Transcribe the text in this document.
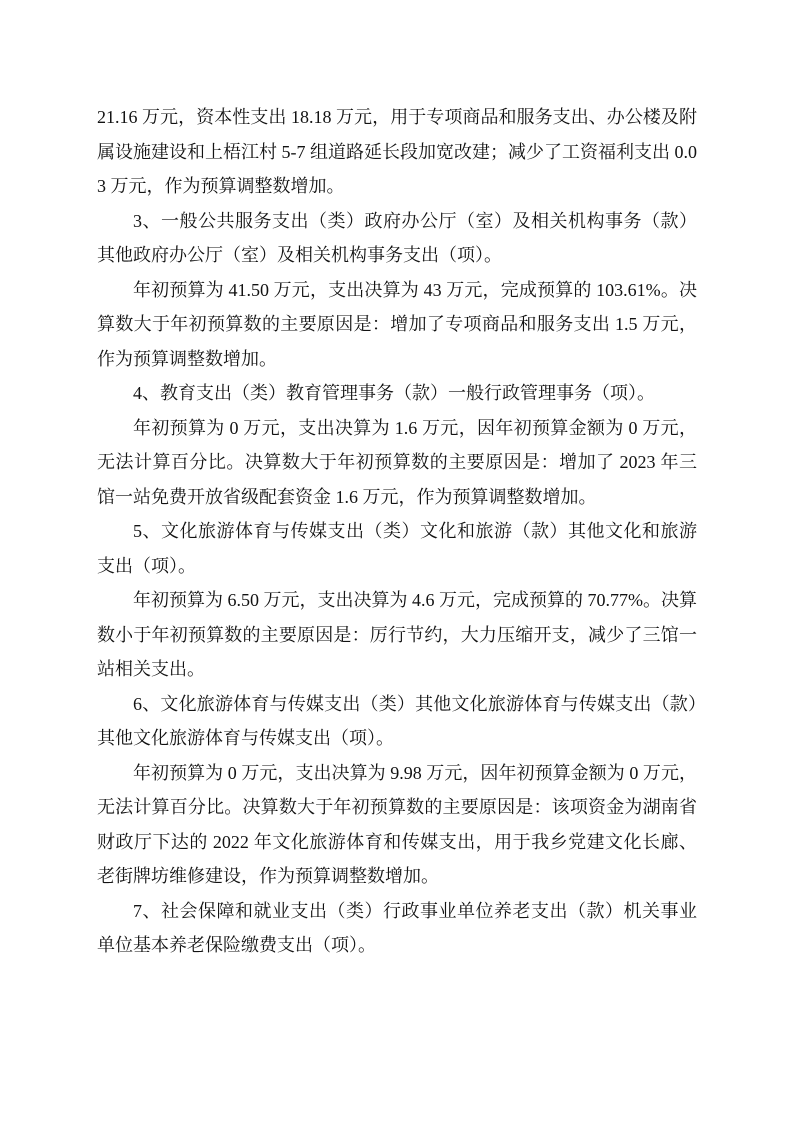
21.16 万元，资本性支出 18.18 万元，用于专项商品和服务支出、办公楼及附属设施建设和上梧江村 5-7 组道路延长段加宽改建；减少了工资福利支出 0.03 万元，作为预算调整数增加。

3、一般公共服务支出（类）政府办公厅（室）及相关机构事务（款）其他政府办公厅（室）及相关机构事务支出（项）。

年初预算为 41.50 万元，支出决算为 43 万元，完成预算的 103.61%。决算数大于年初预算数的主要原因是：增加了专项商品和服务支出 1.5 万元，作为预算调整数增加。

4、教育支出（类）教育管理事务（款）一般行政管理事务（项）。

年初预算为 0 万元，支出决算为 1.6 万元，因年初预算金额为 0 万元，无法计算百分比。决算数大于年初预算数的主要原因是：增加了 2023 年三馆一站免费开放省级配套资金 1.6 万元，作为预算调整数增加。

5、文化旅游体育与传媒支出（类）文化和旅游（款）其他文化和旅游支出（项）。

年初预算为 6.50 万元，支出决算为 4.6 万元，完成预算的 70.77%。决算数小于年初预算数的主要原因是：厉行节约，大力压缩开支，减少了三馆一站相关支出。

6、文化旅游体育与传媒支出（类）其他文化旅游体育与传媒支出（款）其他文化旅游体育与传媒支出（项）。

年初预算为 0 万元，支出决算为 9.98 万元，因年初预算金额为 0 万元，无法计算百分比。决算数大于年初预算数的主要原因是：该项资金为湖南省财政厅下达的 2022 年文化旅游体育和传媒支出，用于我乡党建文化长廊、老街牌坊维修建设，作为预算调整数增加。

7、社会保障和就业支出（类）行政事业单位养老支出（款）机关事业单位基本养老保险缴费支出（项）。
